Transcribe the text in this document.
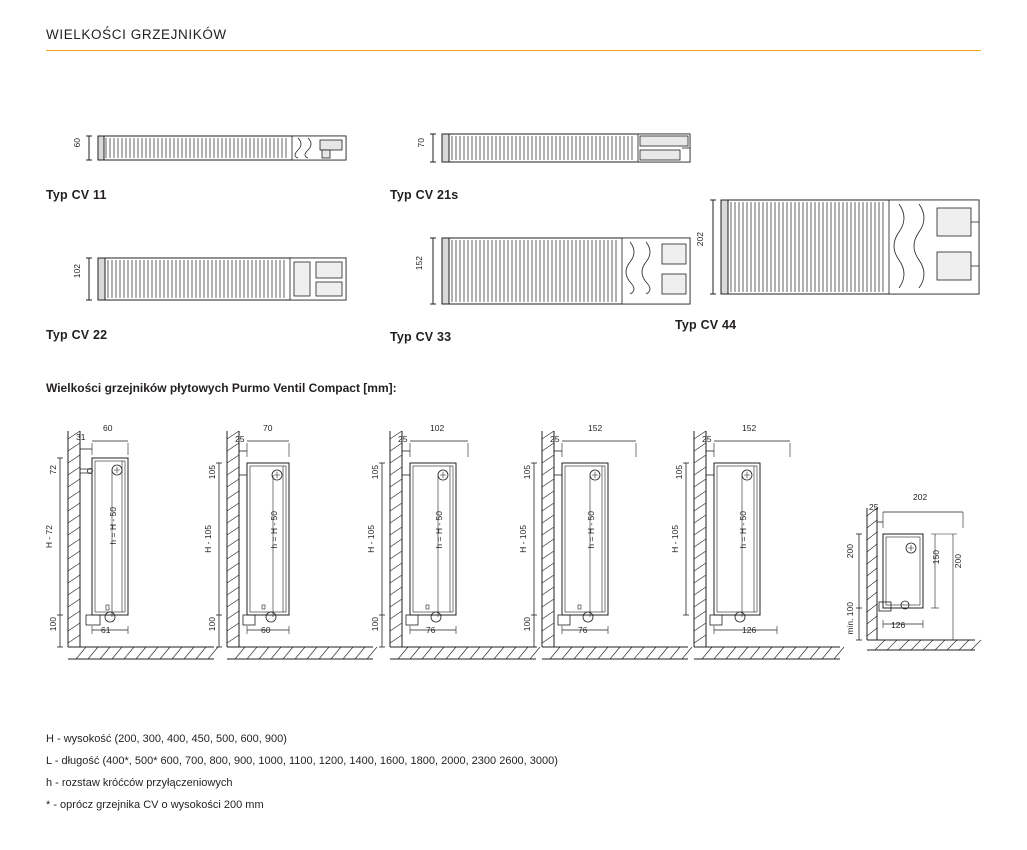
WIELKOŚCI GRZEJNIKÓW
60
Typ CV 11
70
Typ CV 21s
102
Typ CV 22
152
Typ CV 33
202
Typ CV 44
Wielkości grzejników płytowych Purmo Ventil Compact [mm]:
31
60
72
H - 72
100
h = H - 50
61
25
70
105
H - 105
100
h = H - 50
60
25
102
105
H - 105
100
h = H - 50
76
25
152
105
H - 105
100
h = H - 50
76
25
152
105
H - 105	h = H - 50
126
25
202
200
min. 100
150 200
126
H - wysokość (200, 300, 400, 450, 500, 600, 900)
L - długość (400*, 500* 600, 700, 800, 900, 1000, 1100, 1200, 1400, 1600, 1800, 2000, 2300 2600, 3000)
h - rozstaw króćców przyłączeniowych
* - oprócz grzejnika CV o wysokości 200 mm
